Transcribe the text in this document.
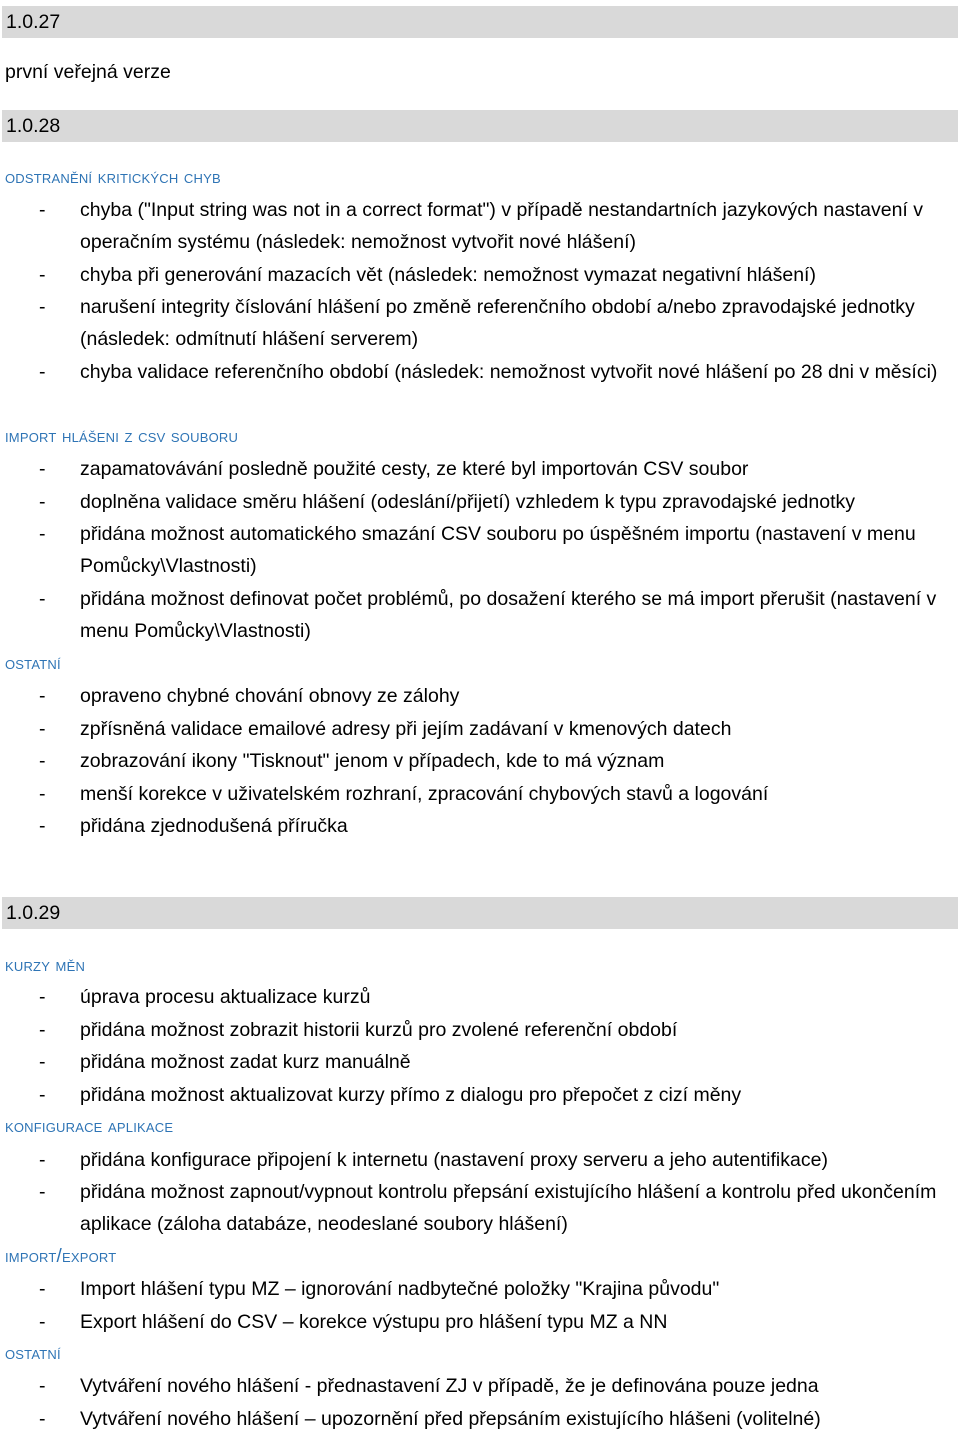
1.0.27
první veřejná verze
1.0.28
odstranění kritických chyb
- chyba ("Input string was not in a correct format") v případě nestandartních jazykových nastavení v operačním systému (následek: nemožnost vytvořit nové hlášení)
- chyba při generování mazacích vět (následek: nemožnost vymazat negativní hlášení)
- narušení integrity číslování hlášení po změně referenčního období a/nebo zpravodajské jednotky (následek: odmítnutí hlášení serverem)
- chyba validace referenčního období (následek: nemožnost vytvořit nové hlášení po 28 dni v měsíci)
import hlášeni z csv souboru
- zapamatovávání posledně použité cesty, ze které byl importován CSV soubor
- doplněna validace směru hlášení (odeslání/přijetí) vzhledem k typu zpravodajské jednotky
- přidána možnost automatického smazání CSV souboru po úspěšném importu (nastavení v menu Pomůcky\Vlastnosti)
- přidána možnost definovat počet problémů, po dosažení kterého se má import přerušit (nastavení v menu Pomůcky\Vlastnosti)
ostatní
- opraveno chybné chování obnovy ze zálohy
- zpřísněná validace emailové adresy při jejím zadávaní v kmenových datech
- zobrazování ikony "Tisknout" jenom v případech, kde to má význam
- menší korekce v uživatelském rozhraní, zpracování chybových stavů a logování
- přidána zjednodušená příručka
1.0.29
kurzy měn
- úprava procesu aktualizace kurzů
- přidána možnost zobrazit historii kurzů pro zvolené referenční období
- přidána možnost zadat kurz manuálně
- přidána možnost aktualizovat kurzy přímo z dialogu pro přepočet z cizí měny
konfigurace aplikace
- přidána konfigurace připojení k internetu (nastavení proxy serveru a jeho autentifikace)
- přidána možnost zapnout/vypnout kontrolu přepsání existujícího hlášení a kontrolu před ukončením aplikace (záloha databáze, neodeslané soubory hlášení)
import/export
- Import hlášení typu MZ – ignorování nadbytečné položky "Krajina původu"
- Export hlášení do CSV – korekce výstupu pro hlášení typu MZ a NN
ostatní
- Vytváření nového hlášení - přednastavení ZJ v případě, že je definována pouze jedna
- Vytváření nového hlášení – upozornění před přepsáním existujícího hlášeni (volitelné)
